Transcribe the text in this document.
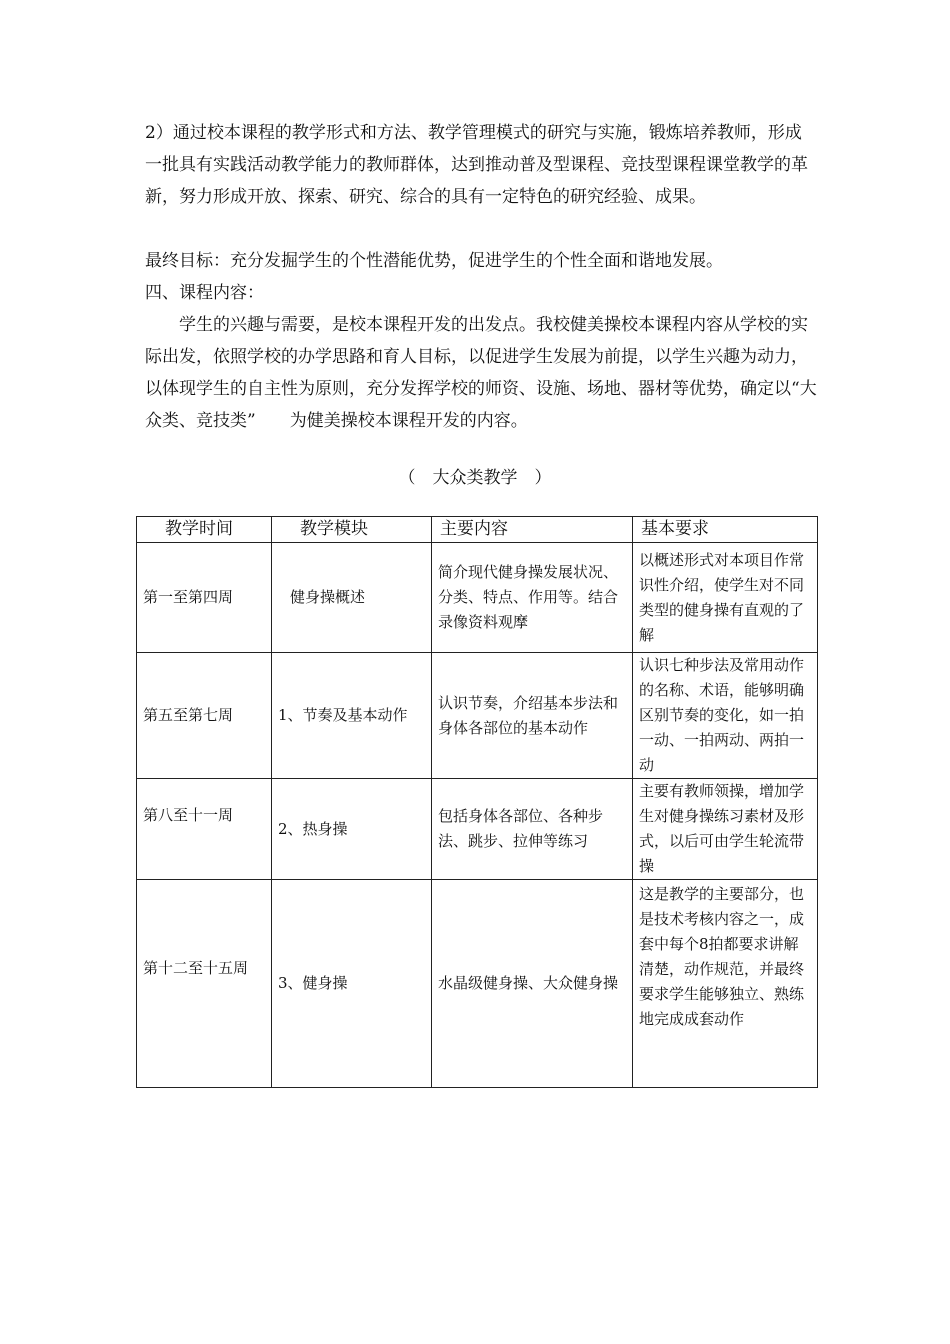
2）通过校本课程的教学形式和方法、教学管理模式的研究与实施，锻炼培养教师，形成一批具有实践活动教学能力的教师群体，达到推动普及型课程、竞技型课程课堂教学的革新，努力形成开放、探索、研究、综合的具有一定特色的研究经验、成果。

最终目标：充分发掘学生的个性潜能优势，促进学生的个性全面和谐地发展。

四、课程内容：

学生的兴趣与需要，是校本课程开发的出发点。我校健美操校本课程内容从学校的实际出发，依照学校的办学思路和育人目标，以促进学生发展为前提，以学生兴趣为动力，以体现学生的自主性为原则，充分发挥学校的师资、设施、场地、器材等优势，确定以“大众类、竞技类”　　为健美操校本课程开发的内容。

（　大众类教学　）

教学时间	教学模块	主要内容	基本要求
第一至第四周	健身操概述	简介现代健身操发展状况、分类、特点、作用等。结合录像资料观摩	以概述形式对本项目作常识性介绍，使学生对不同类型的健身操有直观的了解
第五至第七周	1、节奏及基本动作	认识节奏，介绍基本步法和身体各部位的基本动作	认识七种步法及常用动作的名称、术语，能够明确区别节奏的变化，如一拍一动、一拍两动、两拍一动
第八至十一周	2、热身操	包括身体各部位、各种步法、跳步、拉伸等练习	主要有教师领操，增加学生对健身操练习素材及形式，以后可由学生轮流带操
第十二至十五周	3、健身操	水晶级健身操、大众健身操	这是教学的主要部分，也是技术考核内容之一，成套中每个8拍都要求讲解清楚，动作规范，并最终要求学生能够独立、熟练地完成成套动作
